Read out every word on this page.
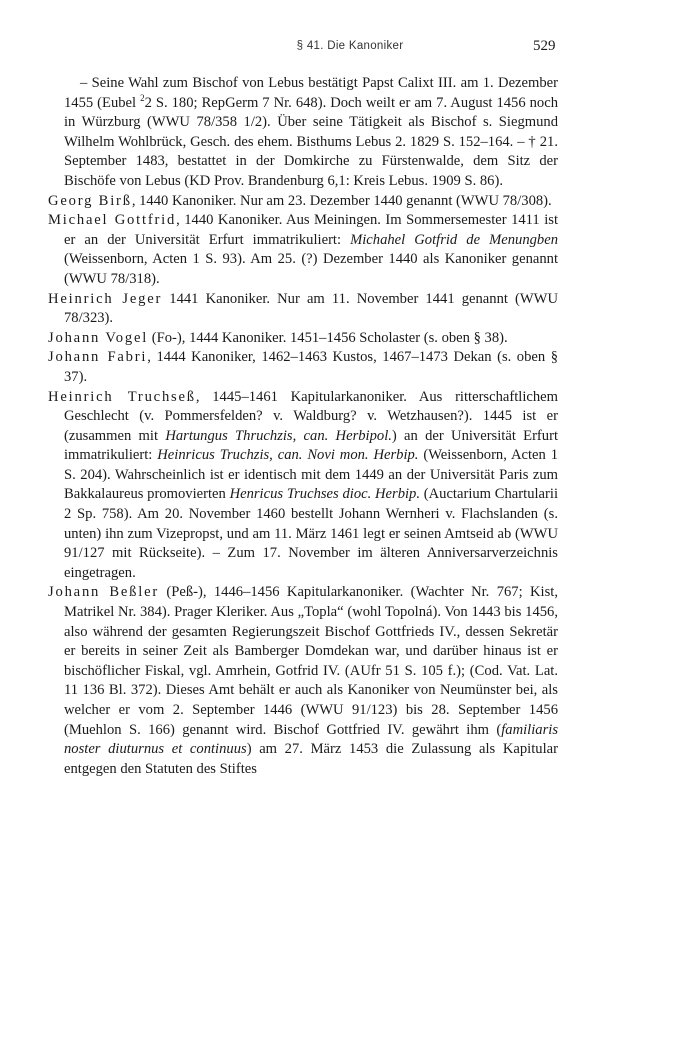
§ 41. Die Kanoniker	529

– Seine Wahl zum Bischof von Lebus bestätigt Papst Calixt III. am 1. Dezember 1455 (Eubel $^2$2 S. 180; RepGerm 7 Nr. 648). Doch weilt er am 7. August 1456 noch in Würzburg (WWU 78/358 1/2). Über seine Tätigkeit als Bischof s. Siegmund Wilhelm Wohlbrück, Gesch. des ehem. Bisthums Lebus 2. 1829 S. 152–164. – † 21. September 1483, bestattet in der Domkirche zu Fürstenwalde, dem Sitz der Bischöfe von Lebus (KD Prov. Brandenburg 6,1: Kreis Lebus. 1909 S. 86).

Georg Birß, 1440 Kanoniker. Nur am 23. Dezember 1440 genannt (WWU 78/308).

Michael Gottfrid, 1440 Kanoniker. Aus Meiningen. Im Sommersemester 1411 ist er an der Universität Erfurt immatrikuliert: Michahel Gotfrid de Menungben (Weissenborn, Acten 1 S. 93). Am 25. (?) Dezember 1440 als Kanoniker genannt (WWU 78/318).

Heinrich Jeger 1441 Kanoniker. Nur am 11. November 1441 genannt (WWU 78/323).

Johann Vogel (Fo-), 1444 Kanoniker. 1451–1456 Scholaster (s. oben § 38).

Johann Fabri, 1444 Kanoniker, 1462–1463 Kustos, 1467–1473 Dekan (s. oben § 37).

Heinrich Truchseß, 1445–1461 Kapitularkanoniker. Aus ritterschaftlichem Geschlecht (v. Pommersfelden? v. Waldburg? v. Wetzhausen?). 1445 ist er (zusammen mit Hartungus Thruchzis, can. Herbipol.) an der Universität Erfurt immatrikuliert: Heinricus Truchzis, can. Novi mon. Herbip. (Weissenborn, Acten 1 S. 204). Wahrscheinlich ist er identisch mit dem 1449 an der Universität Paris zum Bakkalaureus promovierten Henricus Truchses dioc. Herbip. (Auctarium Chartularii 2 Sp. 758). Am 20. November 1460 bestellt Johann Wernheri v. Flachslanden (s. unten) ihn zum Vizepropst, und am 11. März 1461 legt er seinen Amtseid ab (WWU 91/127 mit Rückseite). – Zum 17. November im älteren Anniversarverzeichnis eingetragen.

Johann Beßler (Peß-), 1446–1456 Kapitularkanoniker. (Wachter Nr. 767; Kist, Matrikel Nr. 384). Prager Kleriker. Aus „Topla“ (wohl Topolná). Von 1443 bis 1456, also während der gesamten Regierungszeit Bischof Gottfrieds IV., dessen Sekretär er bereits in seiner Zeit als Bamberger Domdekan war, und darüber hinaus ist er bischöflicher Fiskal, vgl. Amrhein, Gotfrid IV. (AUfr 51 S. 105 f.); (Cod. Vat. Lat. 11 136 Bl. 372). Dieses Amt behält er auch als Kanoniker von Neumünster bei, als welcher er vom 2. September 1446 (WWU 91/123) bis 28. September 1456 (Muehlon S. 166) genannt wird. Bischof Gottfried IV. gewährt ihm (familiaris noster diuturnus et continuus) am 27. März 1453 die Zulassung als Kapitular entgegen den Statuten des Stiftes
